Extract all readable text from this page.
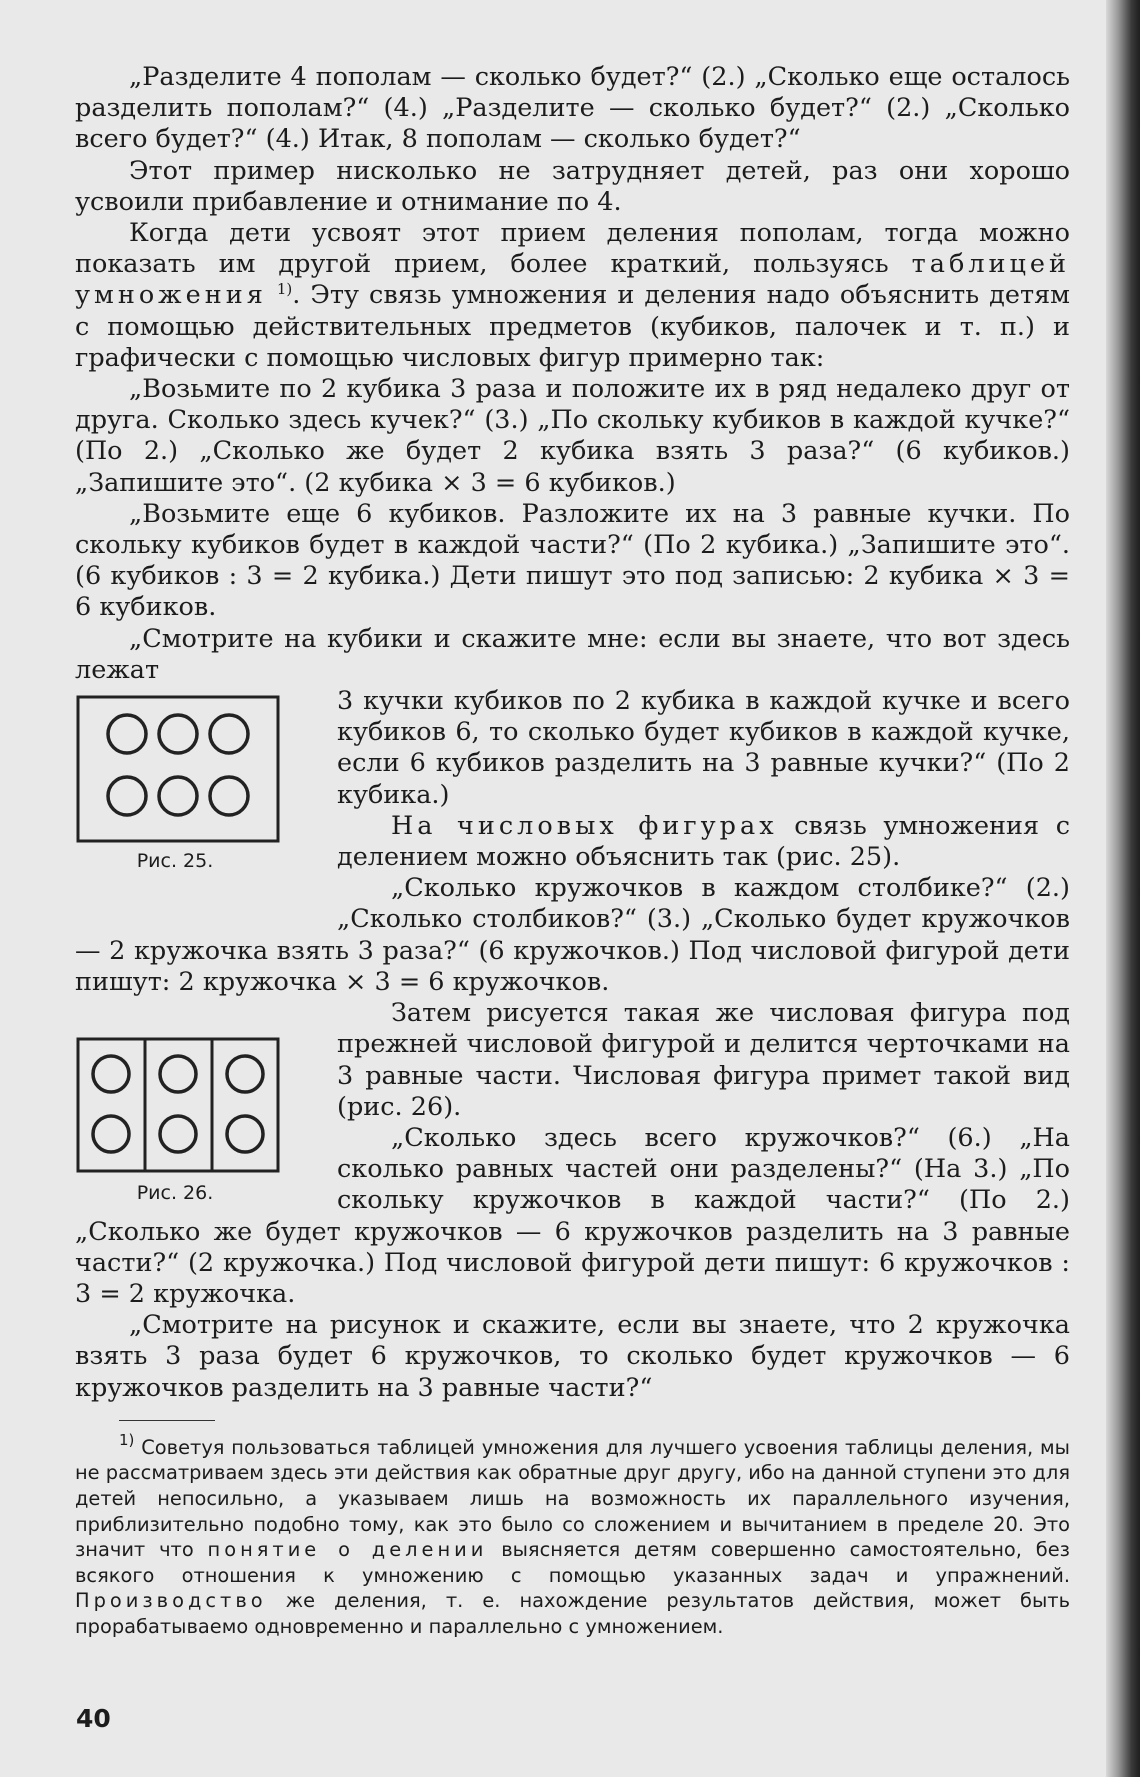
„Разделите 4 пополам — сколько будет?“ (2.) „Сколько еще осталось разделить пополам?“ (4.) „Разделите — сколько будет?“ (2.) „Сколько всего будет?“ (4.) Итак, 8 пополам — сколько будет?“

Этот пример нисколько не затрудняет детей, раз они хорошо усвоили прибавление и отнимание по 4.

Когда дети усвоят этот прием деления пополам, тогда можно показать им другой прием, более краткий, пользуясь таблицей умножения $^{1)}$. Эту связь умножения и деления надо объяснить детям с помощью действительных предметов (кубиков, палочек и т. п.) и графически с помощью числовых фигур примерно так:

„Возьмите по 2 кубика 3 раза и положите их в ряд недалеко друг от друга. Сколько здесь кучек?“ (3.) „По скольку кубиков в каждой кучке?“ (По 2.) „Сколько же будет 2 кубика взять 3 раза?“ (6 кубиков.) „Запишите это“. (2 кубика × 3 = 6 кубиков.)

„Возьмите еще 6 кубиков. Разложите их на 3 равные кучки. По скольку кубиков будет в каждой части?“ (По 2 кубика.) „Запишите это“. (6 кубиков : 3 = 2 кубика.) Дети пишут это под записью: 2 кубика × 3 = 6 кубиков.

„Смотрите на кубики и скажите мне: если вы знаете, что вот здесь лежат

Рис. 25.

3 кучки кубиков по 2 кубика в каждой кучке и всего кубиков 6, то сколько будет кубиков в каждой кучке, если 6 кубиков разделить на 3 равные кучки?“ (По 2 кубика.)

На числовых фигурах связь умножения с делением можно объяснить так (рис. 25).

„Сколько кружочков в каждом столбике?“ (2.) „Сколько столбиков?“ (3.) „Сколько будет кружочков — 2 кружочка взять 3 раза?“ (6 кружочков.) Под числовой фигурой дети пишут: 2 кружочка × 3 = 6 кружочков.

Рис. 26.

Затем рисуется такая же числовая фигура под прежней числовой фигурой и делится черточками на 3 равные части. Числовая фигура примет такой вид (рис. 26).

„Сколько здесь всего кружочков?“ (6.) „На сколько равных частей они разделены?“ (На 3.) „По скольку кружочков в каждой части?“ (По 2.) „Сколько же будет кружочков — 6 кружочков разделить на 3 равные части?“ (2 кружочка.) Под числовой фигурой дети пишут: 6 кружочков : 3 = 2 кружочка.

„Смотрите на рисунок и скажите, если вы знаете, что 2 кружочка взять 3 раза будет 6 кружочков, то сколько будет кружочков — 6 кружочков разделить на 3 равные части?“

$^{1)}$ Советуя пользоваться таблицей умножения для лучшего усвоения таблицы деления, мы не рассматриваем здесь эти действия как обратные друг другу, ибо на данной ступени это для детей непосильно, а указываем лишь на возможность их параллельного изучения, приблизительно подобно тому, как это было со сложением и вычитанием в пределе 20. Это значит что понятие о делении выясняется детям совершенно самостоятельно, без всякого отношения к умножению с помощью указанных задач и упражнений. Производство же деления, т. е. нахождение результатов действия, может быть прорабатываемо одновременно и параллельно с умножением.

40
